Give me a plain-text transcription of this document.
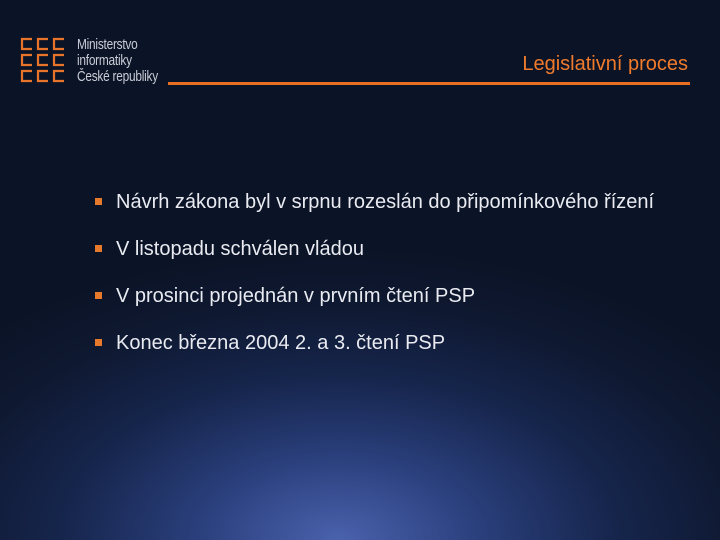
Ministerstvo
informatiky
České republiky
Legislativní proces
Návrh zákona byl v srpnu rozeslán do připomínkového řízení
V listopadu schválen vládou
V prosinci projednán v prvním čtení PSP
Konec března 2004 2. a 3. čtení PSP
